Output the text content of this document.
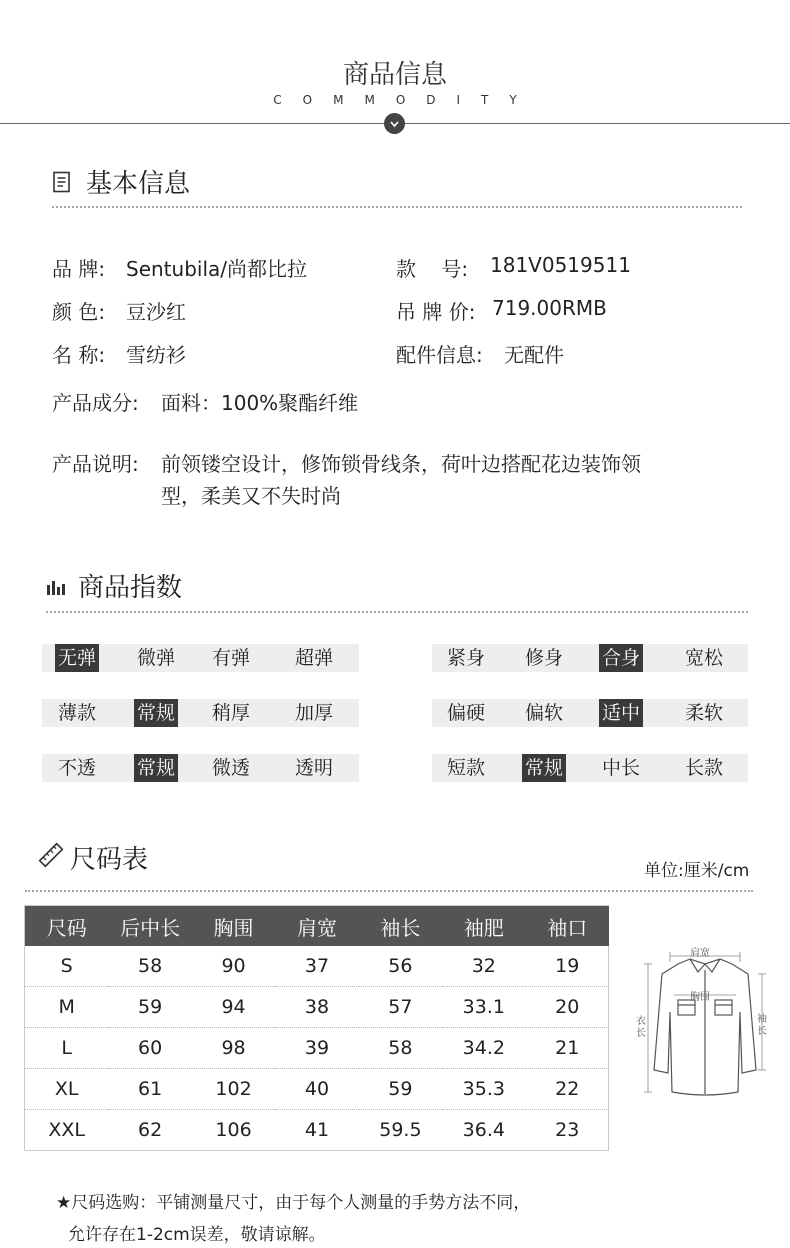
商品信息
COMMODITY
基本信息
品 牌: Sentubila/尚都比拉	款    号: 181V0519511
颜 色: 豆沙红	吊 牌 价: 719.00RMB
名 称: 雪纺衫	配件信息: 无配件
产品成分: 面料：100%聚酯纤维
产品说明: 前领镂空设计，修饰锁骨线条，荷叶边搭配花边装饰领
型，柔美又不失时尚
商品指数
无弹 微弹 有弹 超弹	紧身 修身 合身 宽松
薄款 常规 稍厚 加厚	偏硬 偏软 适中 柔软
不透 常规 微透 透明	短款 常规 中长 长款
尺码表	单位:厘米/cm
尺码	后中长	胸围	肩宽	袖长	袖肥	袖口
S	58	90	37	56	32	19
M	59	94	38	57	33.1	20
L	60	98	39	58	34.2	21
XL	61	102	40	59	35.3	22
XXL	62	106	41	59.5	36.4	23
肩宽
胸围
衣长
袖长
★尺码选购：平铺测量尺寸，由于每个人测量的手势方法不同，
允许存在1-2cm误差，敬请谅解。
